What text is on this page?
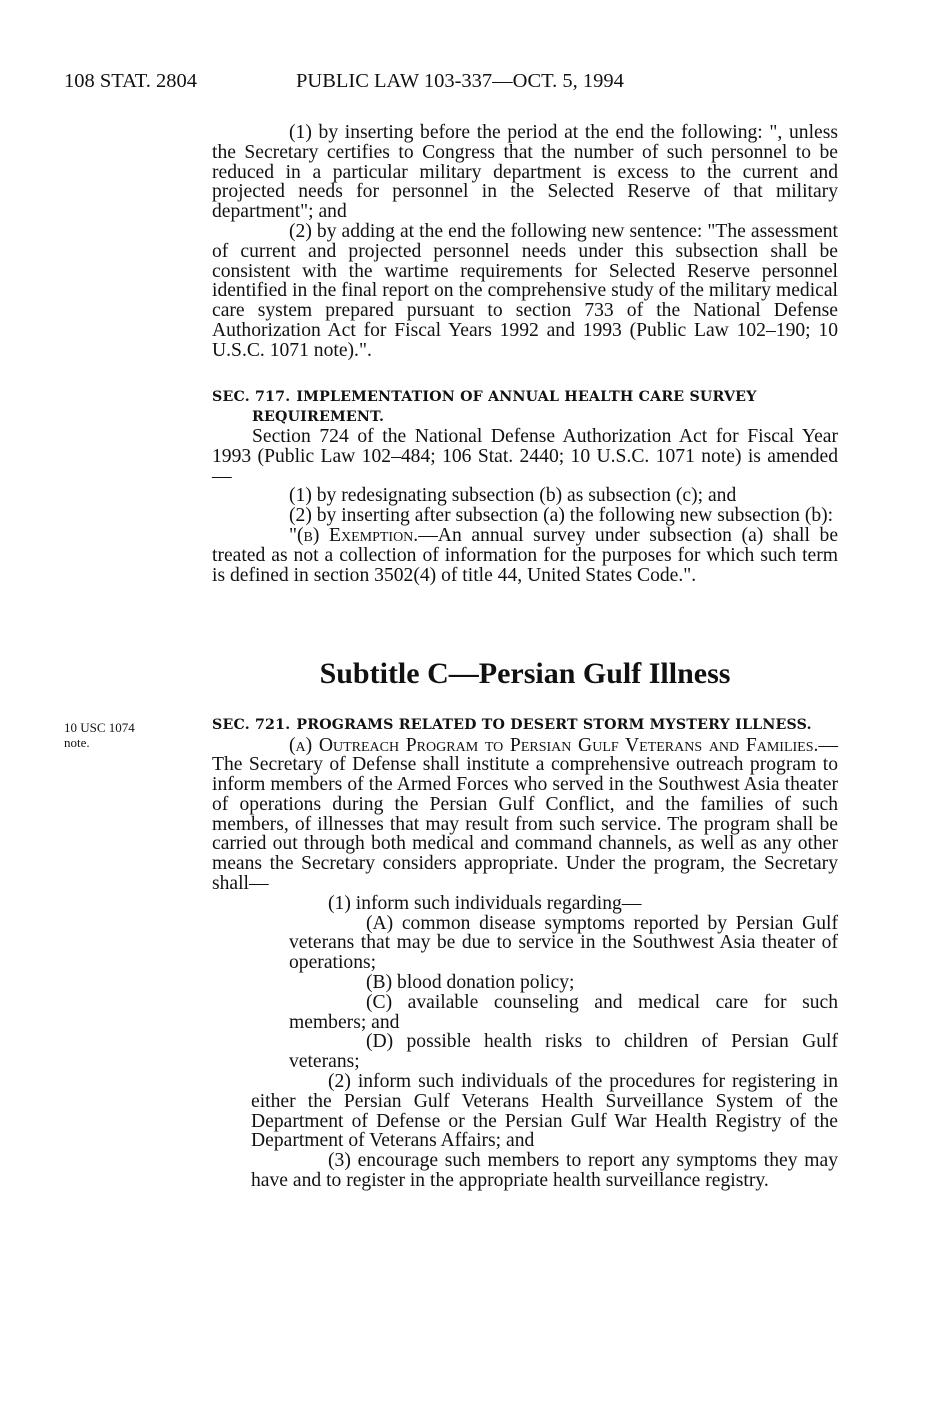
108 STAT. 2804	PUBLIC LAW 103-337—OCT. 5, 1994

(1) by inserting before the period at the end the following: ", unless the Secretary certifies to Congress that the number of such personnel to be reduced in a particular military department is excess to the current and projected needs for personnel in the Selected Reserve of that military department"; and

(2) by adding at the end the following new sentence: "The assessment of current and projected personnel needs under this subsection shall be consistent with the wartime requirements for Selected Reserve personnel identified in the final report on the comprehensive study of the military medical care system prepared pursuant to section 733 of the National Defense Authorization Act for Fiscal Years 1992 and 1993 (Public Law 102–190; 10 U.S.C. 1071 note).".

SEC. 717. IMPLEMENTATION OF ANNUAL HEALTH CARE SURVEY REQUIREMENT.

Section 724 of the National Defense Authorization Act for Fiscal Year 1993 (Public Law 102–484; 106 Stat. 2440; 10 U.S.C. 1071 note) is amended—

(1) by redesignating subsection (b) as subsection (c); and

(2) by inserting after subsection (a) the following new subsection (b):

"(b) Exemption.—An annual survey under subsection (a) shall be treated as not a collection of information for the purposes for which such term is defined in section 3502(4) of title 44, United States Code.".

Subtitle C—Persian Gulf Illness
10 USC 1074
note.

SEC. 721. PROGRAMS RELATED TO DESERT STORM MYSTERY ILLNESS.

(a) Outreach Program to Persian Gulf Veterans and Families.—The Secretary of Defense shall institute a comprehensive outreach program to inform members of the Armed Forces who served in the Southwest Asia theater of operations during the Persian Gulf Conflict, and the families of such members, of illnesses that may result from such service. The program shall be carried out through both medical and command channels, as well as any other means the Secretary considers appropriate. Under the program, the Secretary shall—

(1) inform such individuals regarding—

(A) common disease symptoms reported by Persian Gulf veterans that may be due to service in the Southwest Asia theater of operations;

(B) blood donation policy;

(C) available counseling and medical care for such members; and

(D) possible health risks to children of Persian Gulf veterans;

(2) inform such individuals of the procedures for registering in either the Persian Gulf Veterans Health Surveillance System of the Department of Defense or the Persian Gulf War Health Registry of the Department of Veterans Affairs; and

(3) encourage such members to report any symptoms they may have and to register in the appropriate health surveillance registry.
